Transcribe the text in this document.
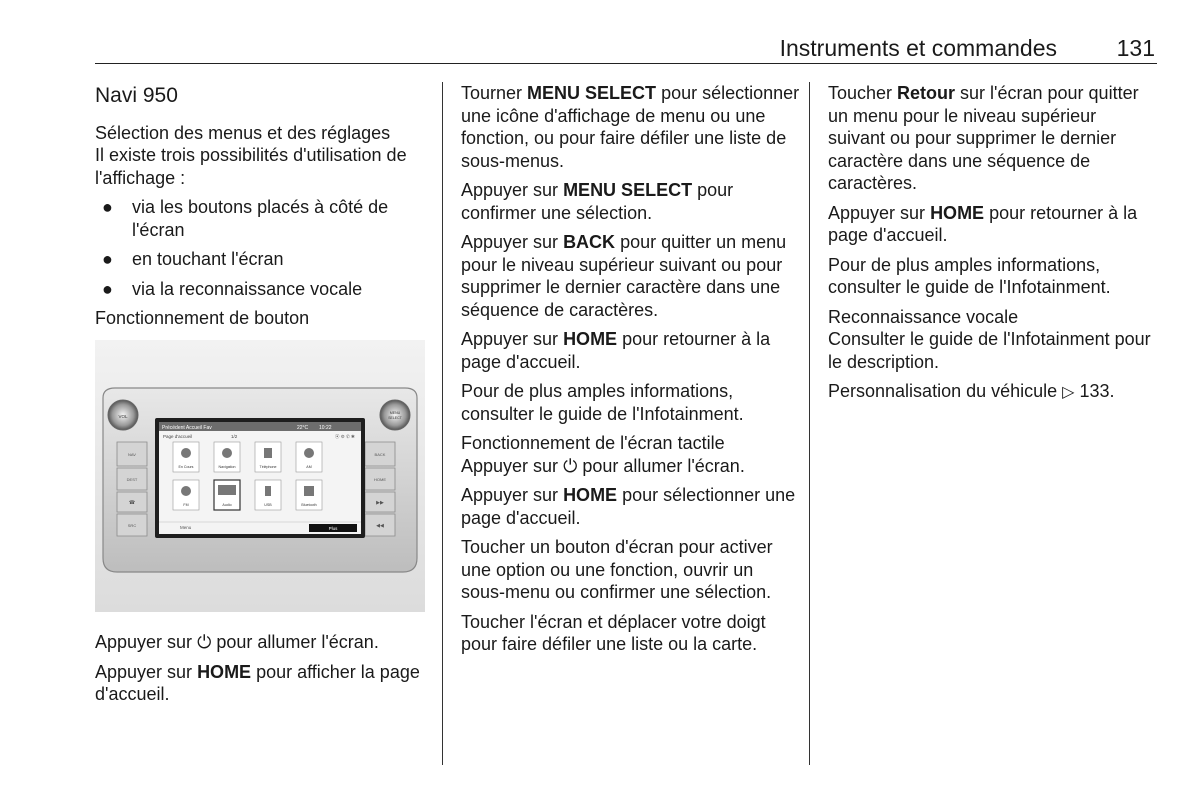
Instruments et commandes	131

Navi 950

Sélection des menus et des réglages

Il existe trois possibilités d'utilisation de l'affichage :

● via les boutons placés à côté de l'écran
● en touchant l'écran
● via la reconnaissance vocale

Fonctionnement de bouton

VOL
MENU
SELECT
NAV
DEST
☎
SRC
BACK
HOME
▶▶
◀◀
Précédent Accueil Fav	22°C 10:22
Page d'accueil	1/2	⦿ ⚙ ✆ ✱
En Cours	Navigation	Téléphone	AM
FM	Audio	USB	Bluetooth
Menu	Plus

Appuyer sur ⏻ pour allumer l'écran.

Appuyer sur HOME pour afficher la page d'accueil.

Tourner MENU SELECT pour sélectionner une icône d'affichage de menu ou une fonction, ou pour faire défiler une liste de sous-menus.

Appuyer sur MENU SELECT pour confirmer une sélection.

Appuyer sur BACK pour quitter un menu pour le niveau supérieur suivant ou pour supprimer le dernier caractère dans une séquence de caractères.

Appuyer sur HOME pour retourner à la page d'accueil.

Pour de plus amples informations, consulter le guide de l'Infotainment.

Fonctionnement de l'écran tactile

Appuyer sur ⏻ pour allumer l'écran.

Appuyer sur HOME pour sélectionner une page d'accueil.

Toucher un bouton d'écran pour activer une option ou une fonction, ouvrir un sous-menu ou confirmer une sélection.

Toucher l'écran et déplacer votre doigt pour faire défiler une liste ou la carte.

Toucher Retour sur l'écran pour quitter un menu pour le niveau supérieur suivant ou pour supprimer le dernier caractère dans une séquence de caractères.

Appuyer sur HOME pour retourner à la page d'accueil.

Pour de plus amples informations, consulter le guide de l'Infotainment.

Reconnaissance vocale

Consulter le guide de l'Infotainment pour le description.

Personnalisation du véhicule ▷ 133.
